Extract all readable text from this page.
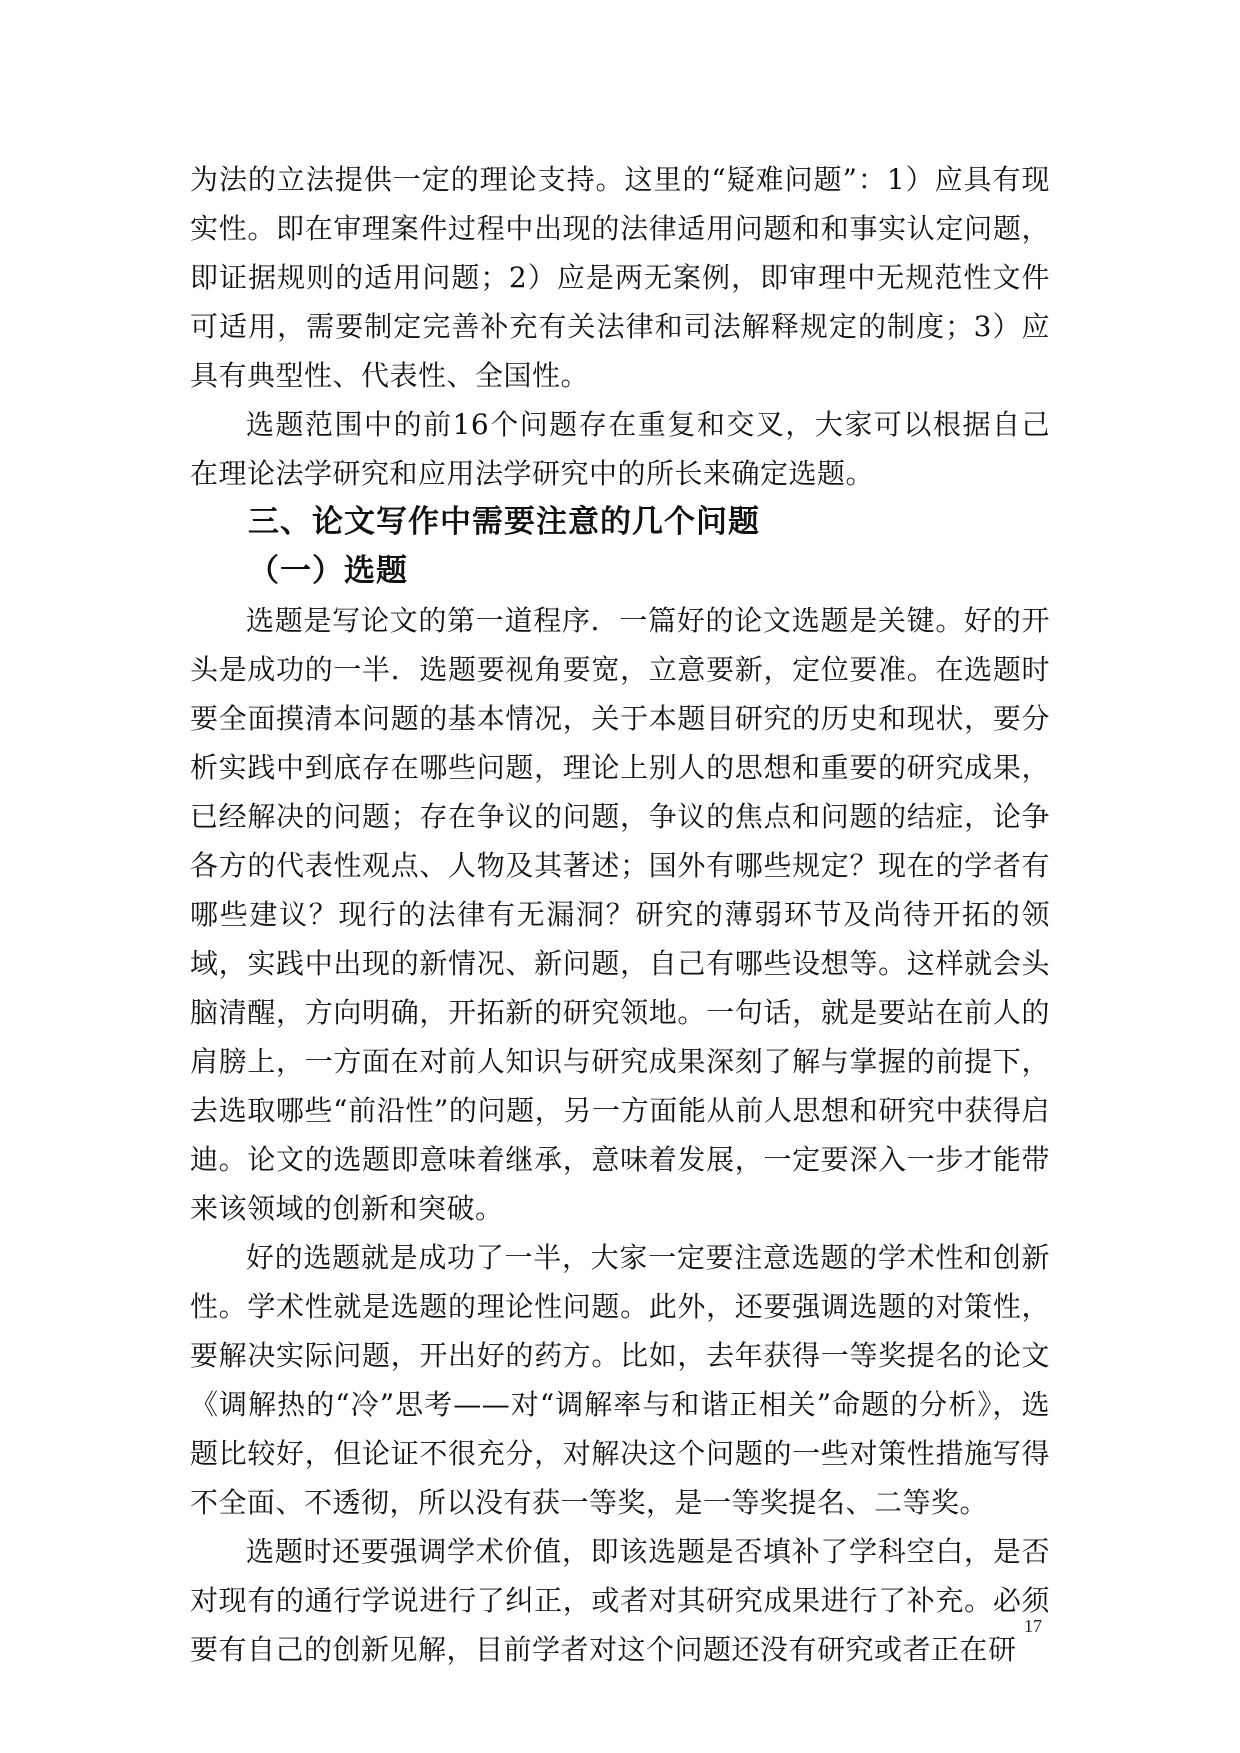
为法的立法提供一定的理论支持。这里的“疑难问题”：1）应具有现实性。即在审理案件过程中出现的法律适用问题和和事实认定问题，即证据规则的适用问题；2）应是两无案例，即审理中无规范性文件可适用，需要制定完善补充有关法律和司法解释规定的制度；3）应具有典型性、代表性、全国性。

选题范围中的前16个问题存在重复和交叉，大家可以根据自己在理论法学研究和应用法学研究中的所长来确定选题。

三、论文写作中需要注意的几个问题
（一）选题

选题是写论文的第一道程序．一篇好的论文选题是关键。好的开头是成功的一半．选题要视角要宽，立意要新，定位要准。在选题时要全面摸清本问题的基本情况，关于本题目研究的历史和现状，要分析实践中到底存在哪些问题，理论上别人的思想和重要的研究成果，已经解决的问题；存在争议的问题，争议的焦点和问题的结症，论争各方的代表性观点、人物及其著述；国外有哪些规定？现在的学者有哪些建议？现行的法律有无漏洞？研究的薄弱环节及尚待开拓的领域，实践中出现的新情况、新问题，自己有哪些设想等。这样就会头脑清醒，方向明确，开拓新的研究领地。一句话，就是要站在前人的肩膀上，一方面在对前人知识与研究成果深刻了解与掌握的前提下，去选取哪些“前沿性”的问题，另一方面能从前人思想和研究中获得启迪。论文的选题即意味着继承，意味着发展，一定要深入一步才能带来该领域的创新和突破。

好的选题就是成功了一半，大家一定要注意选题的学术性和创新性。学术性就是选题的理论性问题。此外，还要强调选题的对策性，要解决实际问题，开出好的药方。比如，去年获得一等奖提名的论文《调解热的“冷”思考——对“调解率与和谐正相关”命题的分析》，选题比较好，但论证不很充分，对解决这个问题的一些对策性措施写得不全面、不透彻，所以没有获一等奖，是一等奖提名、二等奖。

选题时还要强调学术价值，即该选题是否填补了学科空白，是否对现有的通行学说进行了纠正，或者对其研究成果进行了补充。必须要有自己的创新见解，目前学者对这个问题还没有研究或者正在研

17
